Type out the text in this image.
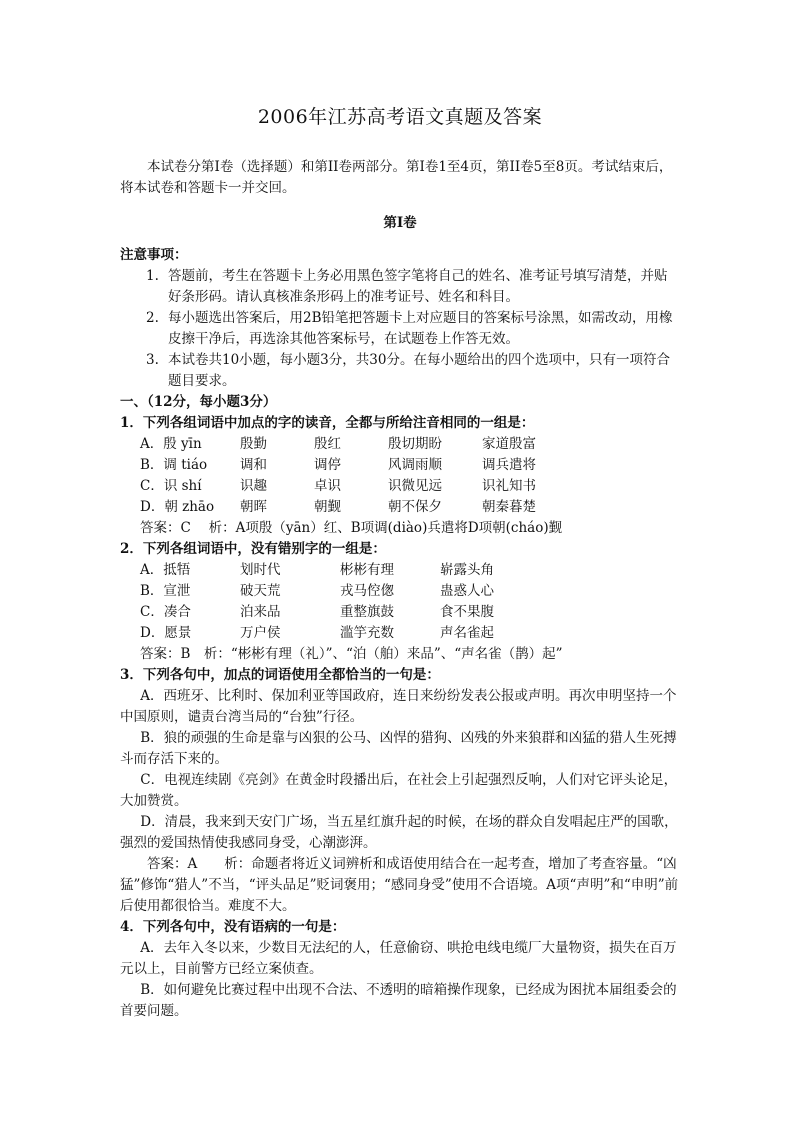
2006年江苏高考语文真题及答案

本试卷分第I卷（选择题）和第II卷两部分。第I卷1至4页，第II卷5至8页。考试结束后，将本试卷和答题卡一并交回。

第I卷
注意事项：
1. 答题前，考生在答题卡上务必用黑色签字笔将自己的姓名、准考证号填写清楚，并贴好条形码。请认真核准条形码上的准考证号、姓名和科目。
2. 每小题选出答案后，用2B铅笔把答题卡上对应题目的答案标号涂黑，如需改动，用橡皮擦干净后，再选涂其他答案标号，在试题卷上作答无效。
3. 本试卷共10小题，每小题3分，共30分。在每小题给出的四个选项中，只有一项符合题目要求。
一、（12分，每小题3分）
1．下列各组词语中加点的字的读音，全都与所给注音相同的一组是：
A．殷 yīn	殷勤	殷红	殷切期盼	家道殷富
B．调 tiáo	调和	调停	风调雨顺	调兵遣将
C．识 shí	识趣	卓识	识微见远	识礼知书
D．朝 zhāo	朝晖	朝觐	朝不保夕	朝秦暮楚
答案：C　 析：A项殷（yān）红、B项调(diào)兵遣将D项朝(cháo)觐
2．下列各组词语中，没有错别字的一组是：
A．抵牾	划时代	彬彬有理	崭露头角
B．宣泄	破天荒	戎马倥偬	蛊惑人心
C．凑合	泊来品	重整旗鼓	食不果腹
D．愿景	万户侯	滥竽充数	声名雀起
答案：B　析：“彬彬有理（礼）”、“泊（舶）来品”、“声名雀（鹊）起”
3．下列各句中，加点的词语使用全都恰当的一句是：

A．西班牙、比利时、保加利亚等国政府，连日来纷纷发表公报或声明。再次申明坚持一个中国原则，谴责台湾当局的“台独”行径。

B．狼的顽强的生命是靠与凶狠的公马、凶悍的猎狗、凶残的外来狼群和凶猛的猎人生死搏斗而存活下来的。

C．电视连续剧《亮剑》在黄金时段播出后，在社会上引起强烈反响，人们对它评头论足，大加赞赏。

D．清晨，我来到天安门广场，当五星红旗升起的时候，在场的群众自发唱起庄严的国歌，强烈的爱国热情使我感同身受，心潮澎湃。

答案：A　　析：命题者将近义词辨析和成语使用结合在一起考查，增加了考查容量。“凶猛”修饰“猎人”不当，“评头品足”贬词褒用；“感同身受”使用不合语境。A项“声明”和“申明”前后使用都很恰当。难度不大。

4．下列各句中，没有语病的一句是：

A．去年入冬以来，少数目无法纪的人，任意偷窃、哄抢电线电缆厂大量物资，损失在百万元以上，目前警方已经立案侦查。

B．如何避免比赛过程中出现不合法、不透明的暗箱操作现象，已经成为困扰本届组委会的首要问题。
